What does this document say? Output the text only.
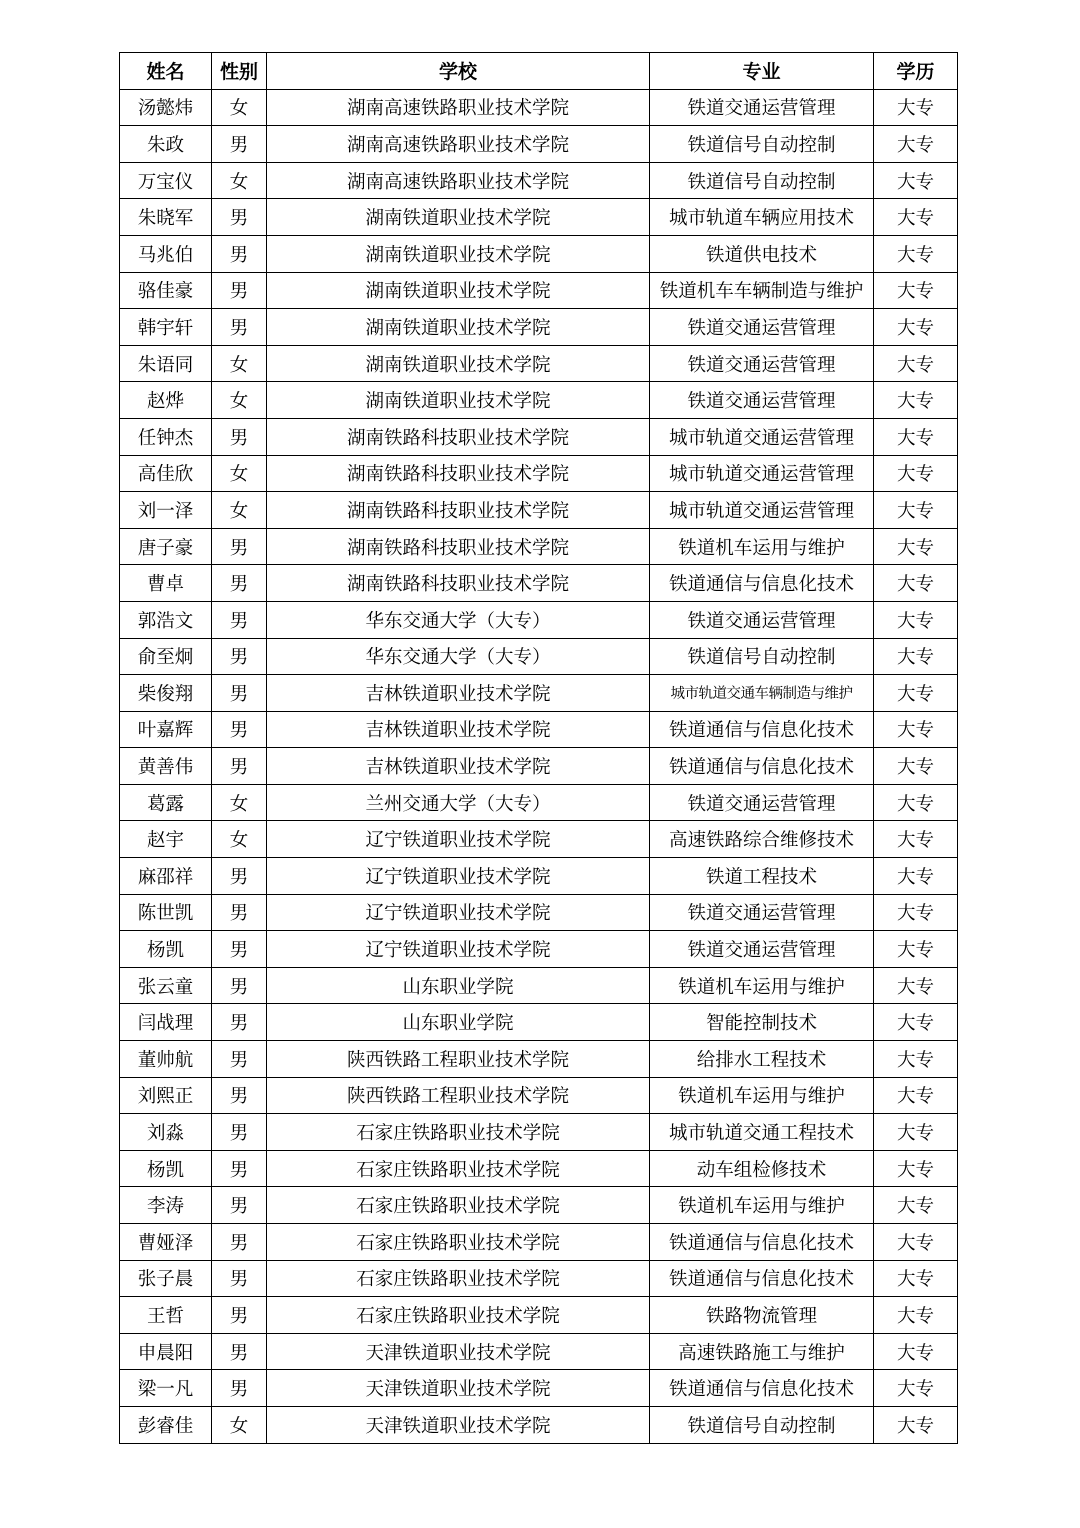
姓名	性别	学校	专业	学历
汤懿炜	女	湖南高速铁路职业技术学院	铁道交通运营管理	大专
朱政	男	湖南高速铁路职业技术学院	铁道信号自动控制	大专
万宝仪	女	湖南高速铁路职业技术学院	铁道信号自动控制	大专
朱晓军	男	湖南铁道职业技术学院	城市轨道车辆应用技术	大专
马兆伯	男	湖南铁道职业技术学院	铁道供电技术	大专
骆佳豪	男	湖南铁道职业技术学院	铁道机车车辆制造与维护	大专
韩宇轩	男	湖南铁道职业技术学院	铁道交通运营管理	大专
朱语同	女	湖南铁道职业技术学院	铁道交通运营管理	大专
赵烨	女	湖南铁道职业技术学院	铁道交通运营管理	大专
任钟杰	男	湖南铁路科技职业技术学院	城市轨道交通运营管理	大专
高佳欣	女	湖南铁路科技职业技术学院	城市轨道交通运营管理	大专
刘一泽	女	湖南铁路科技职业技术学院	城市轨道交通运营管理	大专
唐子豪	男	湖南铁路科技职业技术学院	铁道机车运用与维护	大专
曹卓	男	湖南铁路科技职业技术学院	铁道通信与信息化技术	大专
郭浩文	男	华东交通大学（大专）	铁道交通运营管理	大专
俞至炯	男	华东交通大学（大专）	铁道信号自动控制	大专
柴俊翔	男	吉林铁道职业技术学院	城市轨道交通车辆制造与维护	大专
叶嘉辉	男	吉林铁道职业技术学院	铁道通信与信息化技术	大专
黄善伟	男	吉林铁道职业技术学院	铁道通信与信息化技术	大专
葛露	女	兰州交通大学（大专）	铁道交通运营管理	大专
赵宇	女	辽宁铁道职业技术学院	高速铁路综合维修技术	大专
麻邵祥	男	辽宁铁道职业技术学院	铁道工程技术	大专
陈世凯	男	辽宁铁道职业技术学院	铁道交通运营管理	大专
杨凯	男	辽宁铁道职业技术学院	铁道交通运营管理	大专
张云童	男	山东职业学院	铁道机车运用与维护	大专
闫战理	男	山东职业学院	智能控制技术	大专
董帅航	男	陕西铁路工程职业技术学院	给排水工程技术	大专
刘熙正	男	陕西铁路工程职业技术学院	铁道机车运用与维护	大专
刘淼	男	石家庄铁路职业技术学院	城市轨道交通工程技术	大专
杨凯	男	石家庄铁路职业技术学院	动车组检修技术	大专
李涛	男	石家庄铁路职业技术学院	铁道机车运用与维护	大专
曹娅泽	男	石家庄铁路职业技术学院	铁道通信与信息化技术	大专
张子晨	男	石家庄铁路职业技术学院	铁道通信与信息化技术	大专
王哲	男	石家庄铁路职业技术学院	铁路物流管理	大专
申晨阳	男	天津铁道职业技术学院	高速铁路施工与维护	大专
梁一凡	男	天津铁道职业技术学院	铁道通信与信息化技术	大专
彭睿佳	女	天津铁道职业技术学院	铁道信号自动控制	大专
